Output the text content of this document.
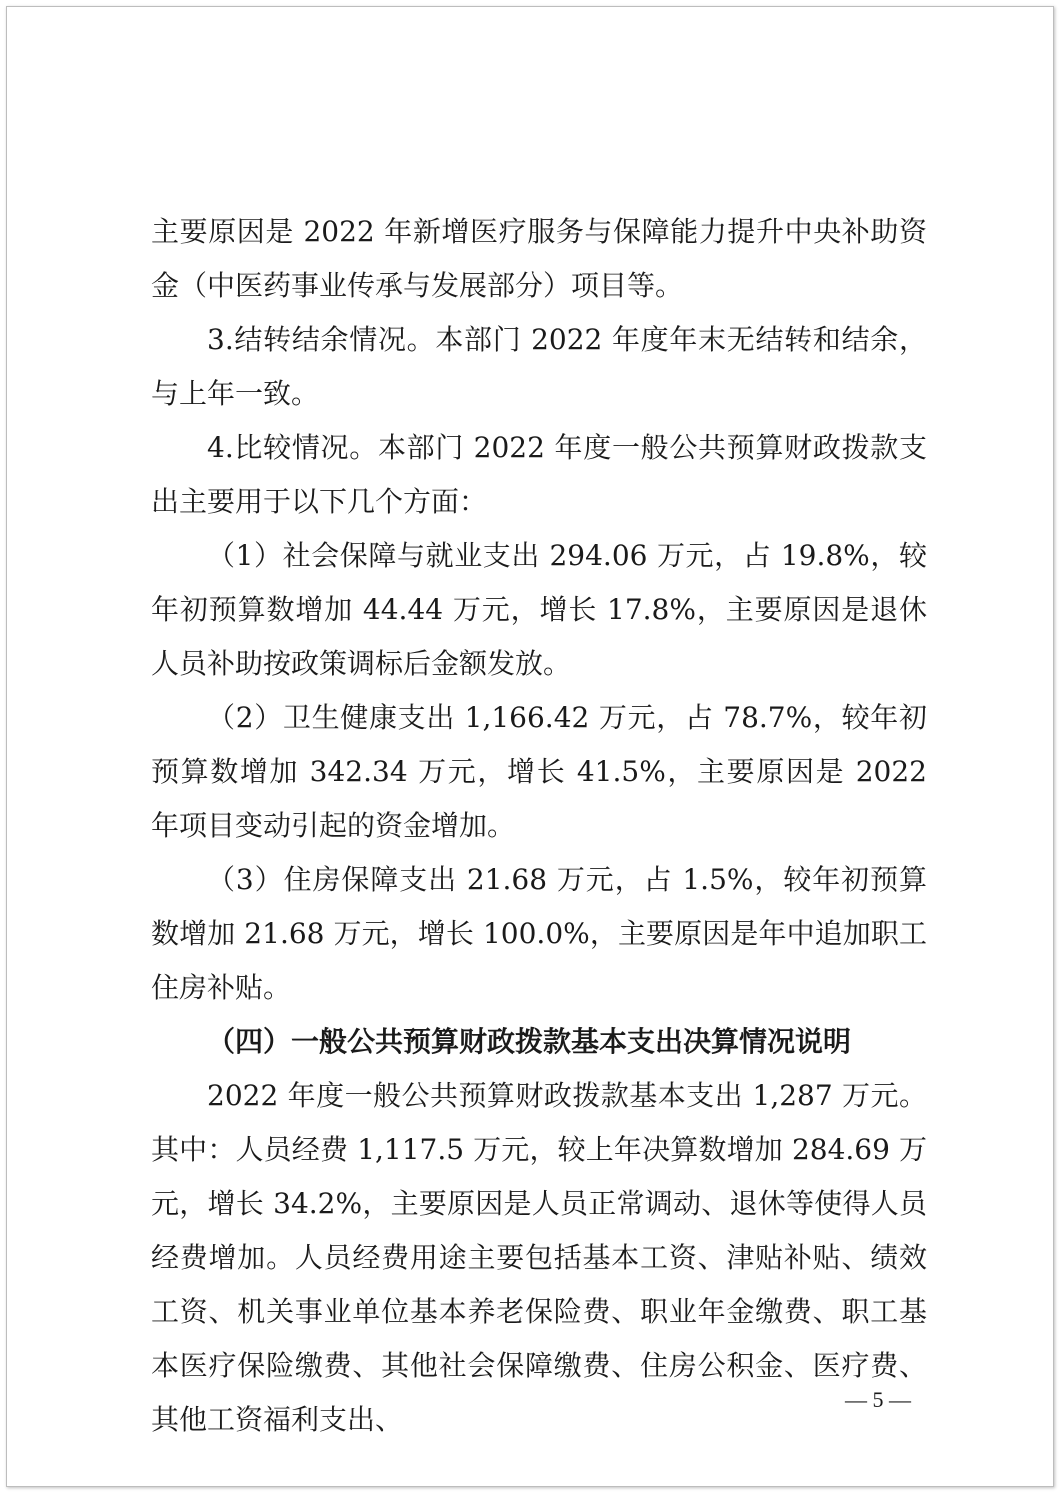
主要原因是 2022 年新增医疗服务与保障能力提升中央补助资金（中医药事业传承与发展部分）项目等。

3.结转结余情况。本部门 2022 年度年末无结转和结余，与上年一致。

4.比较情况。本部门 2022 年度一般公共预算财政拨款支出主要用于以下几个方面：

（1）社会保障与就业支出 294.06 万元，占 19.8%，较年初预算数增加 44.44 万元，增长 17.8%，主要原因是退休人员补助按政策调标后金额发放。

（2）卫生健康支出 1,166.42 万元，占 78.7%，较年初预算数增加 342.34 万元，增长 41.5%，主要原因是 2022 年项目变动引起的资金增加。

（3）住房保障支出 21.68 万元，占 1.5%，较年初预算数增加 21.68 万元，增长 100.0%，主要原因是年中追加职工住房补贴。

（四）一般公共预算财政拨款基本支出决算情况说明

2022 年度一般公共预算财政拨款基本支出 1,287 万元。其中：人员经费 1,117.5 万元，较上年决算数增加 284.69 万元，增长 34.2%，主要原因是人员正常调动、退休等使得人员经费增加。人员经费用途主要包括基本工资、津贴补贴、绩效工资、机关事业单位基本养老保险费、职业年金缴费、职工基本医疗保险缴费、其他社会保障缴费、住房公积金、医疗费、其他工资福利支出、

— 5 —
